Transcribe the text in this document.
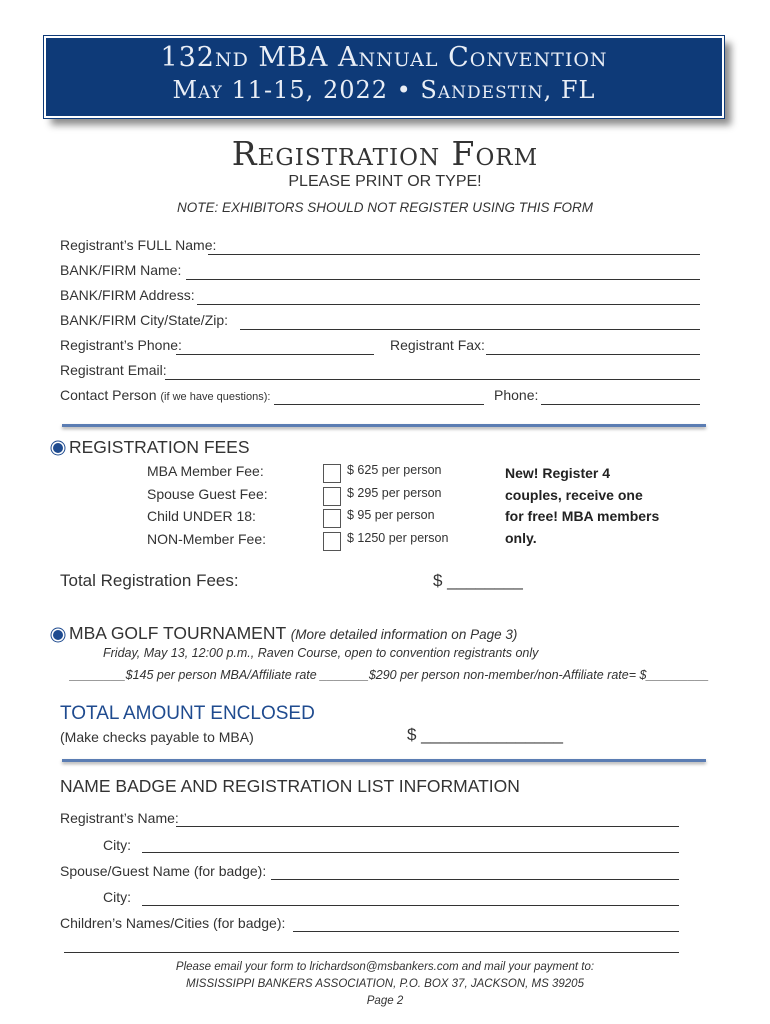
132nd MBA Annual Convention
May 11-15, 2022 • Sandestin, FL
Registration Form
PLEASE PRINT OR TYPE!
NOTE: EXHIBITORS SHOULD NOT REGISTER USING THIS FORM
Registrant’s FULL Name:
BANK/FIRM Name:
BANK/FIRM Address:
BANK/FIRM City/State/Zip:
Registrant’s Phone:	Registrant Fax:
Registrant Email:
Contact Person (if we have questions):	Phone:
REGISTRATION FEES
MBA Member Fee:	$ 625 per person
Spouse Guest Fee:	$ 295 per person
Child UNDER 18:	$ 95 per person
NON-Member Fee:	$ 1250 per person
New! Register 4 couples, receive one for free! MBA members only.
Total Registration Fees:	$ ________
MBA GOLF TOURNAMENT (More detailed information on Page 3)
Friday, May 13, 12:00 p.m., Raven Course, open to convention registrants only
________$145 per person MBA/Affiliate rate _______$290 per person non-member/non-Affiliate rate= $_________
TOTAL AMOUNT ENCLOSED
(Make checks payable to MBA)	$ _______________
NAME BADGE AND REGISTRATION LIST INFORMATION
Registrant’s Name:
City:
Spouse/Guest Name (for badge):
City:
Children’s Names/Cities (for badge):
Please email your form to lrichardson@msbankers.com and mail your payment to:
MISSISSIPPI BANKERS ASSOCIATION, P.O. BOX 37, JACKSON, MS 39205
Page 2
